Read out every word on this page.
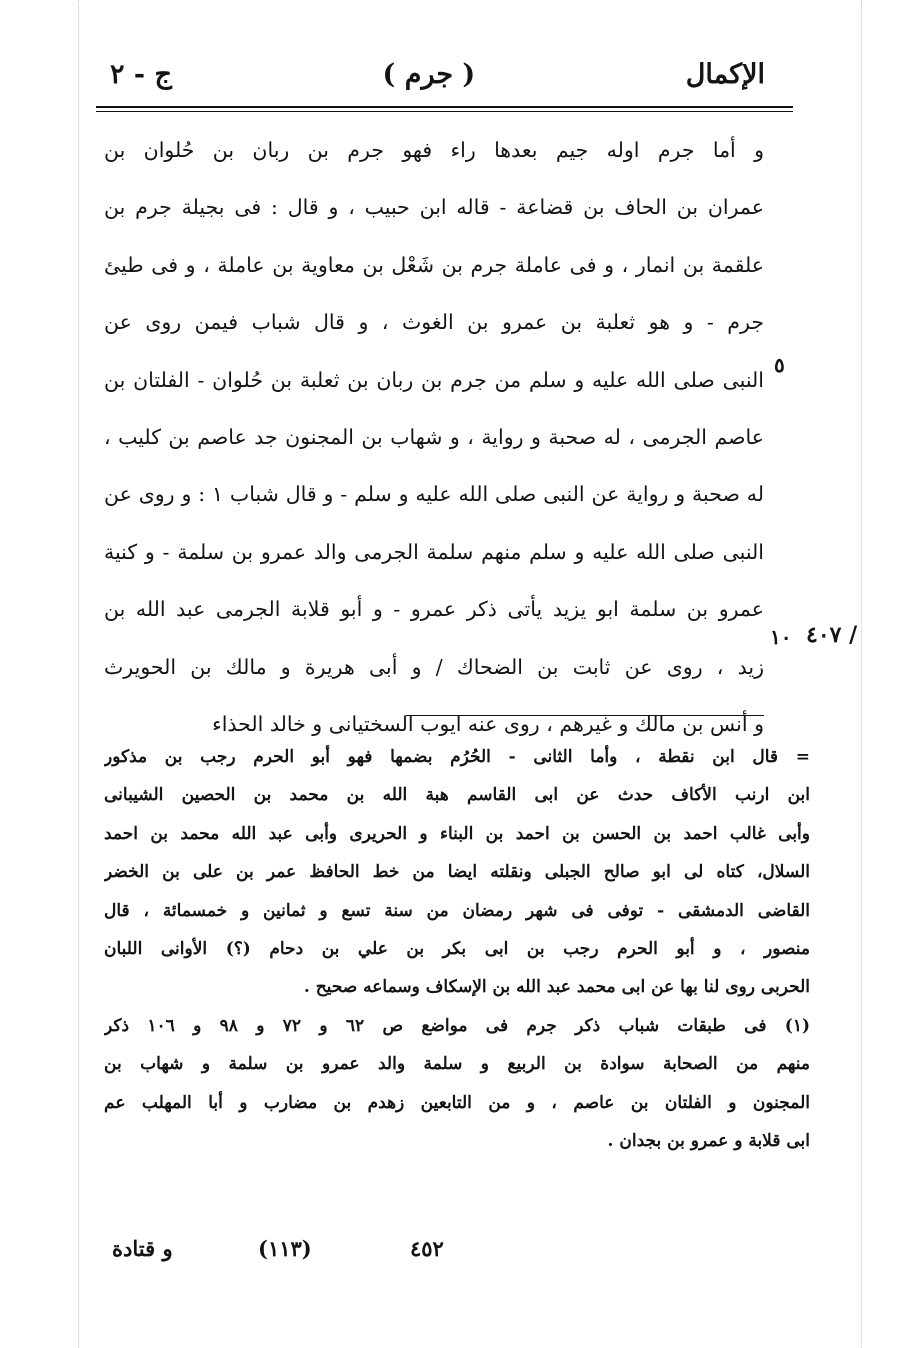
الإكمال
( جرم )
ج - ٢
و أما جرم اوله جيم بعدها راء فهو جرم بن ربان بن حُلوان بن
عمران بن الحاف بن قضاعة - قاله ابن حبيب ، و قال : فى بجيلة جرم بن
علقمة بن انمار ، و فى عاملة جرم بن شَعْل بن معاوية بن عاملة ، و فى طيئ
جرم - و هو ثعلبة بن عمرو بن الغوث ، و قال شباب فيمن روى عن
النبى صلى الله عليه و سلم من جرم بن ربان بن ثعلبة بن حُلوان - الفلتان بن
عاصم الجرمى ، له صحبة و رواية ، و شهاب بن المجنون جد عاصم بن كليب ،
له صحبة و رواية عن النبى صلى الله عليه و سلم - و قال شباب ١ : و روى عن
النبى صلى الله عليه و سلم منهم سلمة الجرمى والد عمرو بن سلمة - و كنية
عمرو بن سلمة ابو يزيد يأتى ذكر عمرو - و أبو قلابة الجرمى عبد الله بن
زيد ، روى عن ثابت بن الضحاك / و أبى هريرة و مالك بن الحويرث
و أنس بن مالك و غيرهم ، روى عنه ايوب السختيانى و خالد الحذاء
٥
١٠ ٤٠٧ /
= قال ابن نقطة ، وأما الثانى - الحُرُم بضمها فهو أبو الحرم رجب بن مذكور
ابن ارنب الأكاف حدث عن ابى القاسم هبة الله بن محمد بن الحصين الشيبانى
وأبى غالب احمد بن الحسن بن احمد بن البناء و الحريرى وأبى عبد الله محمد بن احمد
السلال، كتاه لى ابو صالح الجبلى ونقلته ايضا من خط الحافظ عمر بن على بن الخضر
القاضى الدمشقى - توفى فى شهر رمضان من سنة تسع و ثمانين و خمسمائة ، قال
منصور ، و أبو الحرم رجب بن ابى بكر بن علي بن دحام (؟) الأوانى اللبان
الحربى روى لنا بها عن ابى محمد عبد الله بن الإسكاف وسماعه صحيح .
(١) فى طبقات شباب ذكر جرم فى مواضع ص ٦٢ و ٧٢ و ٩٨ و ١٠٦ ذكر
منهم من الصحابة سوادة بن الربيع و سلمة والد عمرو بن سلمة و شهاب بن
المجنون و الفلتان بن عاصم ، و من التابعين زهدم بن مضارب و أبا المهلب عم
ابى قلابة و عمرو بن بجدان .
و قتادة	(١١٣)	٤٥٢
